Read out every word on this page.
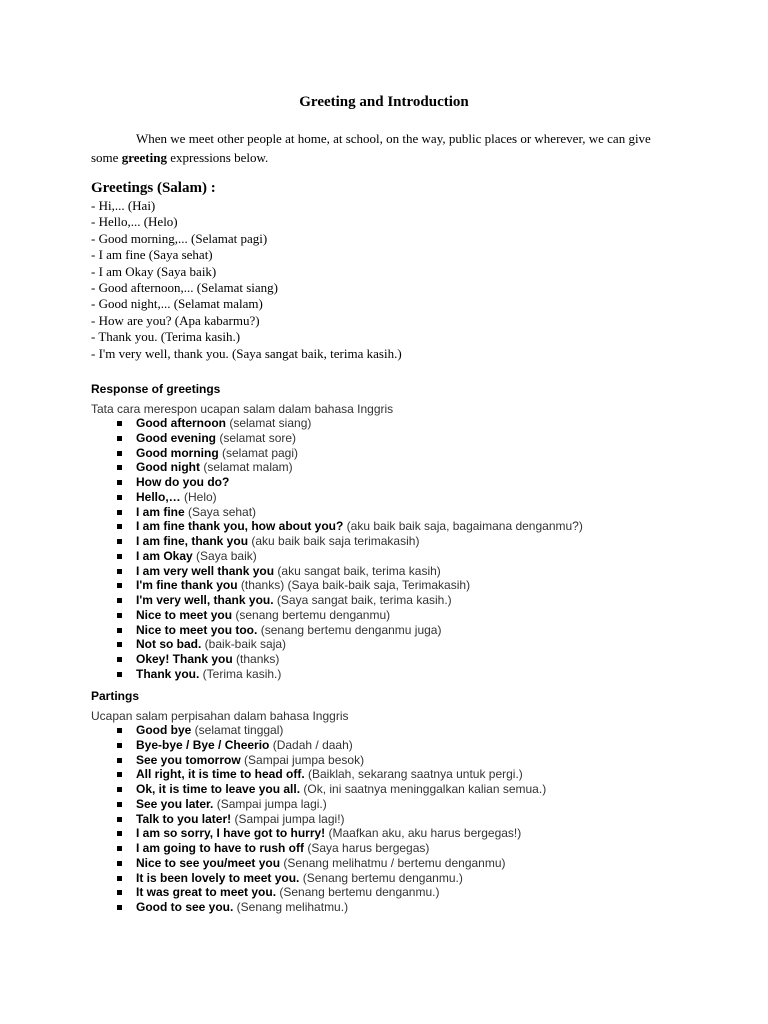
Greeting and Introduction
When we meet other people at home, at school, on the way, public places or wherever, we can give some greeting expressions below.
Greetings (Salam) :
- Hi,... (Hai)
- Hello,... (Helo)
- Good morning,... (Selamat pagi)
- I am fine (Saya sehat)
- I am Okay (Saya baik)
- Good afternoon,... (Selamat siang)
- Good night,... (Selamat malam)
- How are you? (Apa kabarmu?)
- Thank you. (Terima kasih.)
- I'm very well, thank you. (Saya sangat baik, terima kasih.)
Response of greetings
Tata cara merespon ucapan salam dalam bahasa Inggris
Good afternoon (selamat siang)
Good evening (selamat sore)
Good morning (selamat pagi)
Good night (selamat malam)
How do you do?
Hello,… (Helo)
I am fine (Saya sehat)
I am fine thank you, how about you? (aku baik baik saja, bagaimana denganmu?)
I am fine, thank you (aku baik baik saja terimakasih)
I am Okay (Saya baik)
I am very well thank you (aku sangat baik, terima kasih)
I'm fine thank you (thanks) (Saya baik-baik saja, Terimakasih)
I'm very well, thank you. (Saya sangat baik, terima kasih.)
Nice to meet you (senang bertemu denganmu)
Nice to meet you too. (senang bertemu denganmu juga)
Not so bad. (baik-baik saja)
Okey! Thank you (thanks)
Thank you. (Terima kasih.)
Partings
Ucapan salam perpisahan dalam bahasa Inggris
Good bye (selamat tinggal)
Bye-bye / Bye / Cheerio (Dadah / daah)
See you tomorrow (Sampai jumpa besok)
All right, it is time to head off. (Baiklah, sekarang saatnya untuk pergi.)
Ok, it is time to leave you all. (Ok, ini saatnya meninggalkan kalian semua.)
See you later. (Sampai jumpa lagi.)
Talk to you later! (Sampai jumpa lagi!)
I am so sorry, I have got to hurry! (Maafkan aku, aku harus bergegas!)
I am going to have to rush off (Saya harus bergegas)
Nice to see you/meet you (Senang melihatmu / bertemu denganmu)
It is been lovely to meet you. (Senang bertemu denganmu.)
It was great to meet you. (Senang bertemu denganmu.)
Good to see you. (Senang melihatmu.)
